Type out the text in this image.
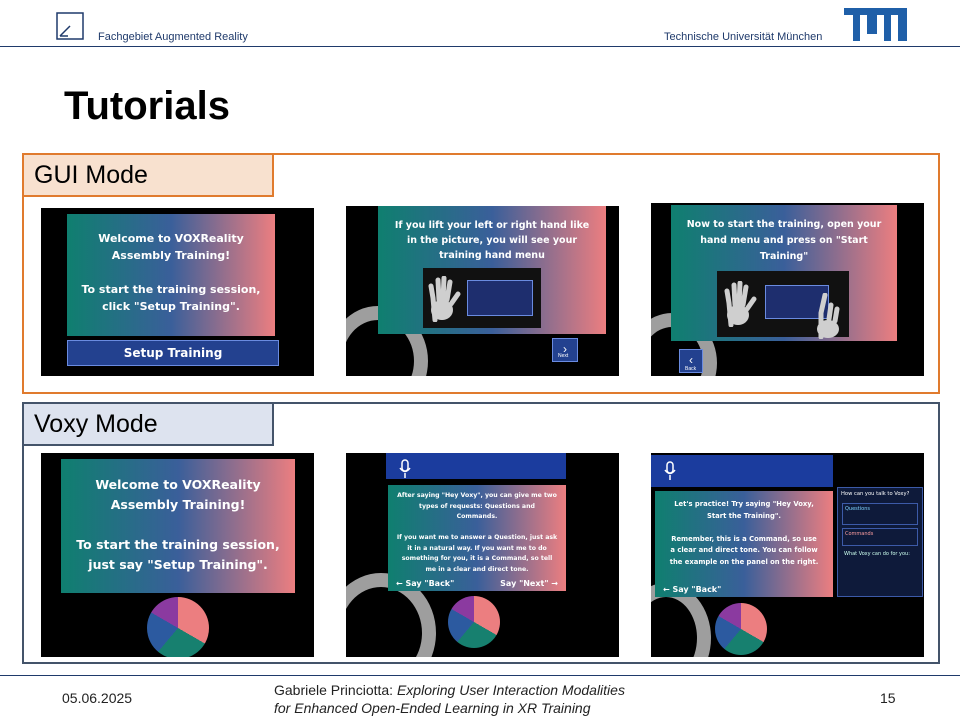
Fachgebiet Augmented Reality	Technische Universität München
Tutorials
GUI Mode
Welcome to VOXReality
Assembly Training!

To start the training session,
click "Setup Training".
Setup Training
If you lift your left or right hand like
in the picture, you will see your
training hand menu
›
Next
Now to start the training, open your
hand menu and press on "Start
Training"
‹
Back
Voxy Mode
Welcome to VOXReality
Assembly Training!

To start the training session,
just say "Setup Training".
After saying "Hey Voxy", you can give me two
types of requests: Questions and
Commands.

If you want me to answer a Question, just ask
it in a natural way. If you want me to do
something for you, it is a Command, so tell
me in a clear and direct tone.
← Say "Back"	Say "Next" →
Let's practice! Try saying "Hey Voxy,
Start the Training".

Remember, this is a Command, so use
a clear and direct tone. You can follow
the example on the panel on the right.
← Say "Back"
How can you talk to Voxy?
Questions
Commands
What Voxy can do for you:
05.06.2025	Gabriele Princiotta: Exploring User Interaction Modalities
for Enhanced Open-Ended Learning in XR Training
15
